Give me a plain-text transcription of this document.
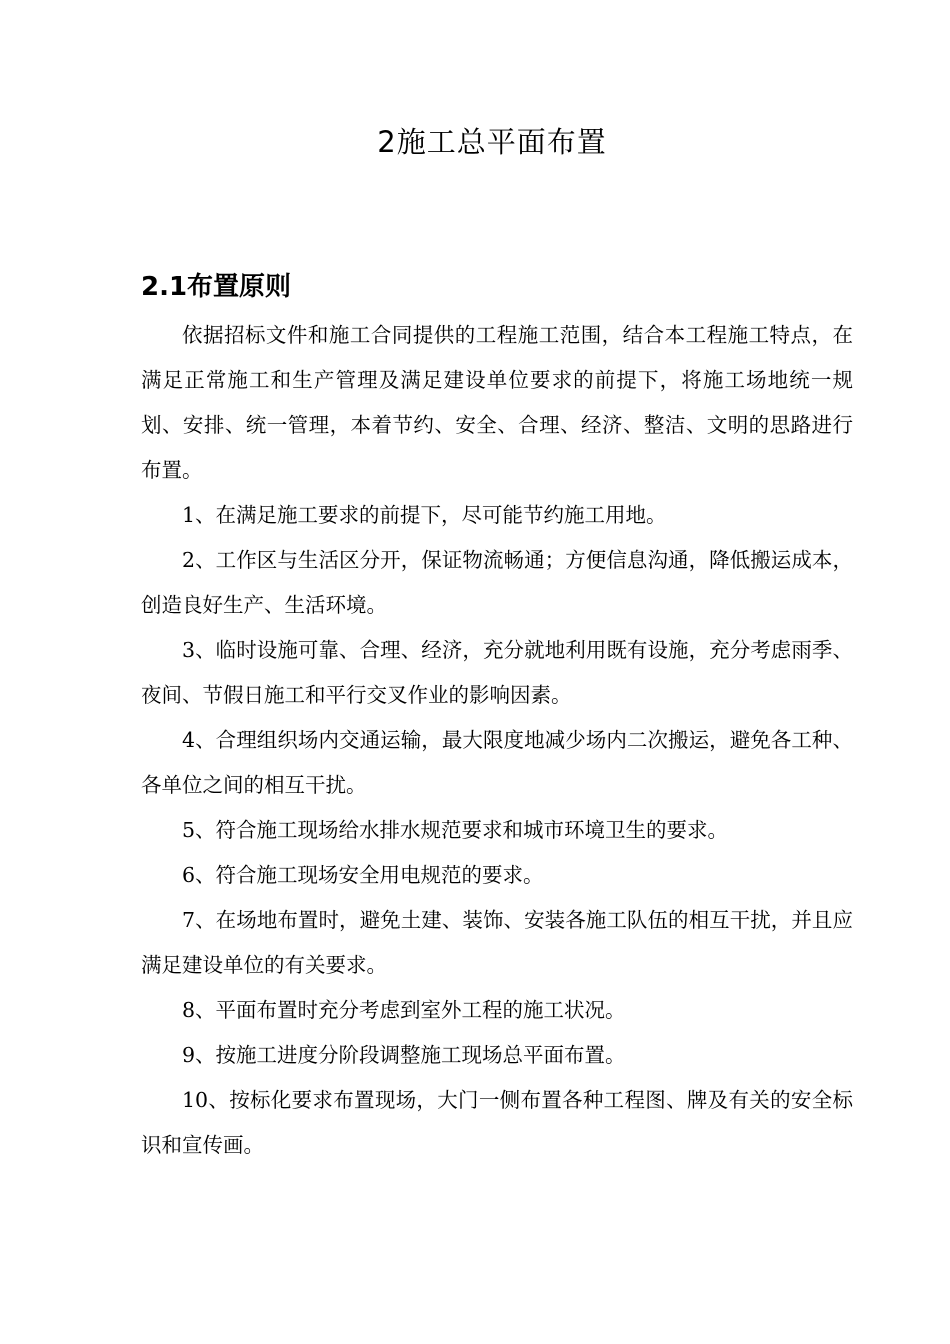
2施工总平面布置
2.1布置原则

依据招标文件和施工合同提供的工程施工范围，结合本工程施工特点，在满足正常施工和生产管理及满足建设单位要求的前提下，将施工场地统一规划、安排、统一管理，本着节约、安全、合理、经济、整洁、文明的思路进行布置。

1、在满足施工要求的前提下，尽可能节约施工用地。

2、工作区与生活区分开，保证物流畅通；方便信息沟通，降低搬运成本，创造良好生产、生活环境。

3、临时设施可靠、合理、经济，充分就地利用既有设施，充分考虑雨季、夜间、节假日施工和平行交叉作业的影响因素。

4、合理组织场内交通运输，最大限度地减少场内二次搬运，避免各工种、各单位之间的相互干扰。

5、符合施工现场给水排水规范要求和城市环境卫生的要求。

6、符合施工现场安全用电规范的要求。

7、在场地布置时，避免土建、装饰、安装各施工队伍的相互干扰，并且应满足建设单位的有关要求。

8、平面布置时充分考虑到室外工程的施工状况。

9、按施工进度分阶段调整施工现场总平面布置。

10、按标化要求布置现场，大门一侧布置各种工程图、牌及有关的安全标识和宣传画。
